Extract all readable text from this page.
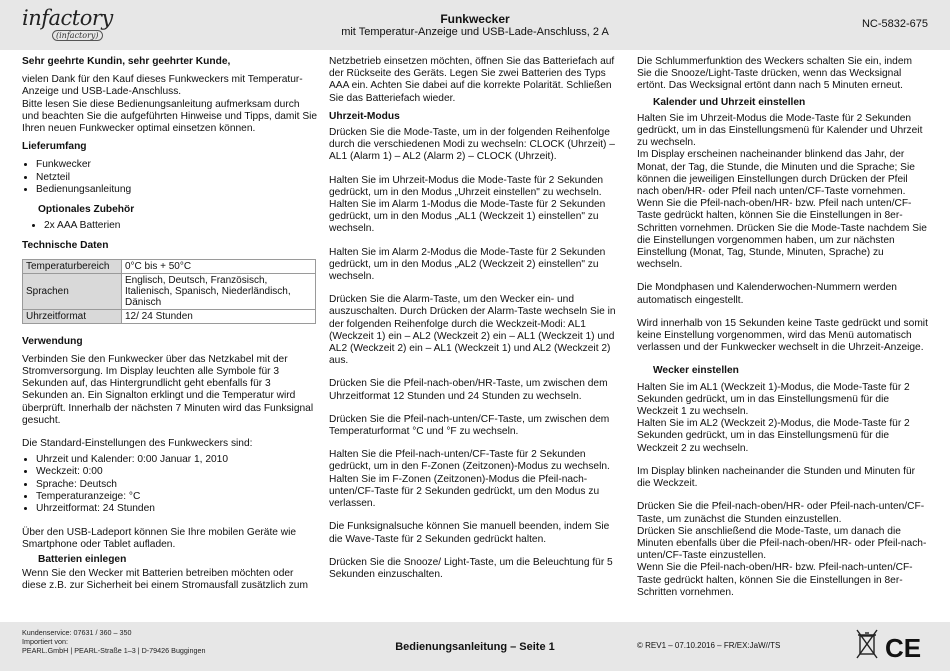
infactory
(infactory)
Funkwecker
mit Temperatur-Anzeige und USB-Lade-Anschluss, 2 A
NC-5832-675

Sehr geehrte Kundin, sehr geehrter Kunde,

vielen Dank für den Kauf dieses Funkweckers mit Temperatur-Anzeige und USB-Lade-Anschluss.

Bitte lesen Sie diese Bedienungsanleitung aufmerksam durch und beachten Sie die aufgeführten Hinweise und Tipps, damit Sie Ihren neuen Funkwecker optimal einsetzen können.

Lieferumfang
• Funkwecker
• Netzteil
• Bedienungsanleitung
Optionales Zubehör
• 2x AAA Batterien
Technische Daten
Temperaturbereich	0°C bis + 50°C
Sprachen	Englisch, Deutsch, Französisch, Italienisch, Spanisch, Niederländisch, Dänisch
Uhrzeitformat	12/ 24 Stunden
Verwendung

Verbinden Sie den Funkwecker über das Netzkabel mit der Stromversorgung. Im Display leuchten alle Symbole für 3 Sekunden auf, das Hintergrundlicht geht ebenfalls für 3 Sekunden an. Ein Signalton erklingt und die Temperatur wird überprüft. Innerhalb der nächsten 7 Minuten wird das Funksignal gesucht.

Die Standard-Einstellungen des Funkweckers sind:

• Uhrzeit und Kalender: 0:00 Januar 1, 2010
• Weckzeit: 0:00
• Sprache: Deutsch
• Temperaturanzeige: °C
• Uhrzeitformat: 24 Stunden

Über den USB-Ladeport können Sie Ihre mobilen Geräte wie Smartphone oder Tablet aufladen.

Batterien einlegen

Wenn Sie den Wecker mit Batterien betreiben möchten oder diese z.B. zur Sicherheit bei einem Stromausfall zusätzlich zum

Netzbetrieb einsetzen möchten, öffnen Sie das Batteriefach auf der Rückseite des Geräts. Legen Sie zwei Batterien des Typs AAA ein. Achten Sie dabei auf die korrekte Polarität. Schließen Sie das Batteriefach wieder.

Uhrzeit-Modus

Drücken Sie die Mode-Taste, um in der folgenden Reihenfolge durch die verschiedenen Modi zu wechseln: CLOCK (Uhrzeit) – AL1 (Alarm 1) – AL2 (Alarm 2) – CLOCK (Uhrzeit).

Halten Sie im Uhrzeit-Modus die Mode-Taste für 2 Sekunden gedrückt, um in den Modus „Uhrzeit einstellen" zu wechseln. Halten Sie im Alarm 1-Modus die Mode-Taste für 2 Sekunden gedrückt, um in den Modus „AL1 (Weckzeit 1) einstellen" zu wechseln.

Halten Sie im Alarm 2-Modus die Mode-Taste für 2 Sekunden gedrückt, um in den Modus „AL2 (Weckzeit 2) einstellen" zu wechseln.

Drücken Sie die Alarm-Taste, um den Wecker ein- und auszuschalten. Durch Drücken der Alarm-Taste wechseln Sie in der folgenden Reihenfolge durch die Weckzeit-Modi: AL1 (Weckzeit 1) ein – AL2 (Weckzeit 2) ein – AL1 (Weckzeit 1) und AL2 (Weckzeit 2) ein – AL1 (Weckzeit 1) und AL2 (Weckzeit 2) aus.

Drücken Sie die Pfeil-nach-oben/HR-Taste, um zwischen dem Uhrzeitformat 12 Stunden und 24 Stunden zu wechseln.

Drücken Sie die Pfeil-nach-unten/CF-Taste, um zwischen dem Temperaturformat °C und °F zu wechseln.

Halten Sie die Pfeil-nach-unten/CF-Taste für 2 Sekunden gedrückt, um in den F-Zonen (Zeitzonen)-Modus zu wechseln. Halten Sie im F-Zonen (Zeitzonen)-Modus die Pfeil-nach-unten/CF-Taste für 2 Sekunden gedrückt, um den Modus zu verlassen.

Die Funksignalsuche können Sie manuell beenden, indem Sie die Wave-Taste für 2 Sekunden gedrückt halten.

Drücken Sie die Snooze/ Light-Taste, um die Beleuchtung für 5 Sekunden einzuschalten.

Die Schlummerfunktion des Weckers schalten Sie ein, indem Sie die Snooze/Light-Taste drücken, wenn das Wecksignal ertönt. Das Wecksignal ertönt dann nach 5 Minuten erneut.

Kalender und Uhrzeit einstellen

Halten Sie im Uhrzeit-Modus die Mode-Taste für 2 Sekunden gedrückt, um in das Einstellungsmenü für Kalender und Uhrzeit zu wechseln.

Im Display erscheinen nacheinander blinkend das Jahr, der Monat, der Tag, die Stunde, die Minuten und die Sprache; Sie können die jeweiligen Einstellungen durch Drücken der Pfeil nach oben/HR- oder Pfeil nach unten/CF-Taste vornehmen. Wenn Sie die Pfeil-nach-oben/HR- bzw. Pfeil nach unten/CF-Taste gedrückt halten, können Sie die Einstellungen in 8er-Schritten vornehmen. Drücken Sie die Mode-Taste nachdem Sie die Einstellungen vorgenommen haben, um zur nächsten Einstellung (Monat, Tag, Stunde, Minuten, Sprache) zu wechseln.

Die Mondphasen und Kalenderwochen-Nummern werden automatisch eingestellt.

Wird innerhalb von 15 Sekunden keine Taste gedrückt und somit keine Einstellung vorgenommen, wird das Menü automatisch verlassen und der Funkwecker wechselt in die Uhrzeit-Anzeige.

Wecker einstellen

Halten Sie im AL1 (Weckzeit 1)-Modus, die Mode-Taste für 2 Sekunden gedrückt, um in das Einstellungsmenü für die Weckzeit 1 zu wechseln.

Halten Sie im AL2 (Weckzeit 2)-Modus, die Mode-Taste für 2 Sekunden gedrückt, um in das Einstellungsmenü für die Weckzeit 2 zu wechseln.

Im Display blinken nacheinander die Stunden und Minuten für die Weckzeit.

Drücken Sie die Pfeil-nach-oben/HR- oder Pfeil-nach-unten/CF-Taste, um zunächst die Stunden einzustellen.

Drücken Sie anschließend die Mode-Taste, um danach die Minuten ebenfalls über die Pfeil-nach-oben/HR- oder Pfeil-nach-unten/CF-Taste einzustellen.

Wenn Sie die Pfeil-nach-oben/HR- bzw. Pfeil-nach-unten/CF-Taste gedrückt halten, können Sie die Einstellungen in 8er-Schritten vornehmen.

Kundenservice: 07631 / 360 – 350
Importiert von:
PEARL.GmbH | PEARL-Straße 1–3 | D-79426 Buggingen	Bedienungsanleitung – Seite 1	© REV1 – 07.10.2016 – FR/EX:JaW//TS	CE
